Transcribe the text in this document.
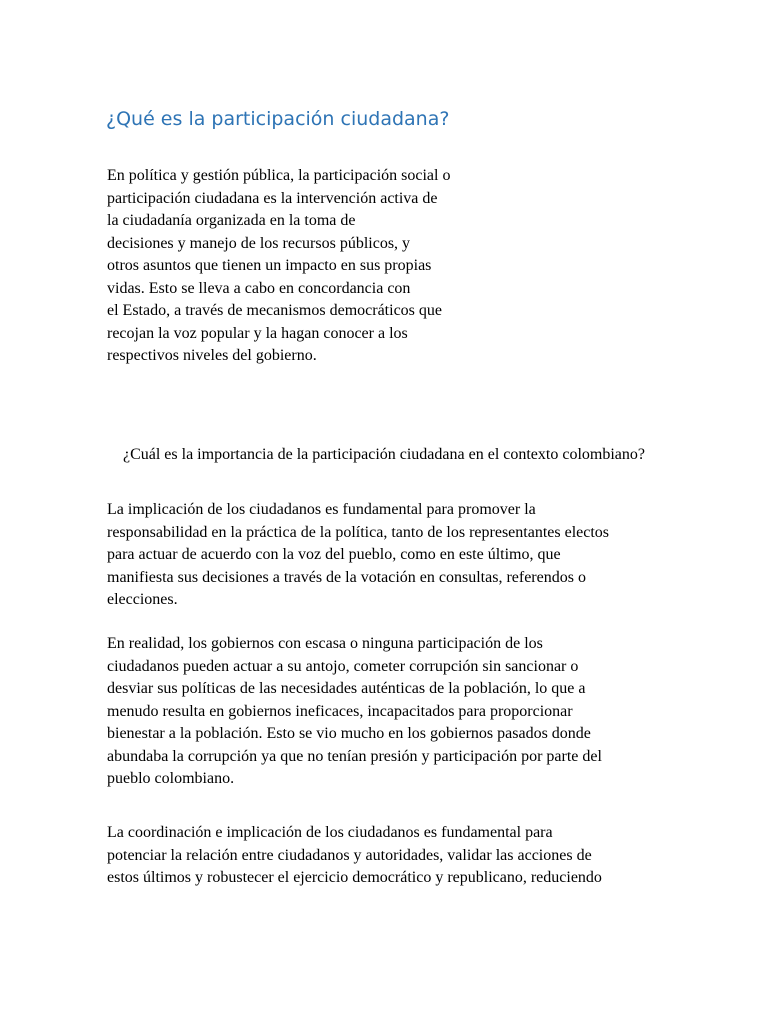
¿Qué es la participación ciudadana?
En política y gestión pública, la participación social o
participación ciudadana es la intervención activa de
la ciudadanía organizada en la toma de
decisiones y manejo de los recursos públicos, y
otros asuntos que tienen un impacto en sus propias
vidas. Esto se lleva a cabo en concordancia con
el Estado, a través de mecanismos democráticos que
recojan la voz popular y la hagan conocer a los
respectivos niveles del gobierno.
¿Cuál es la importancia de la participación ciudadana en el contexto colombiano?
La implicación de los ciudadanos es fundamental para promover la
responsabilidad en la práctica de la política, tanto de los representantes electos
para actuar de acuerdo con la voz del pueblo, como en este último, que
manifiesta sus decisiones a través de la votación en consultas, referendos o
elecciones.
En realidad, los gobiernos con escasa o ninguna participación de los
ciudadanos pueden actuar a su antojo, cometer corrupción sin sancionar o
desviar sus políticas de las necesidades auténticas de la población, lo que a
menudo resulta en gobiernos ineficaces, incapacitados para proporcionar
bienestar a la población. Esto se vio mucho en los gobiernos pasados donde
abundaba la corrupción ya que no tenían presión y participación por parte del
pueblo colombiano.
La coordinación e implicación de los ciudadanos es fundamental para
potenciar la relación entre ciudadanos y autoridades, validar las acciones de
estos últimos y robustecer el ejercicio democrático y republicano, reduciendo
